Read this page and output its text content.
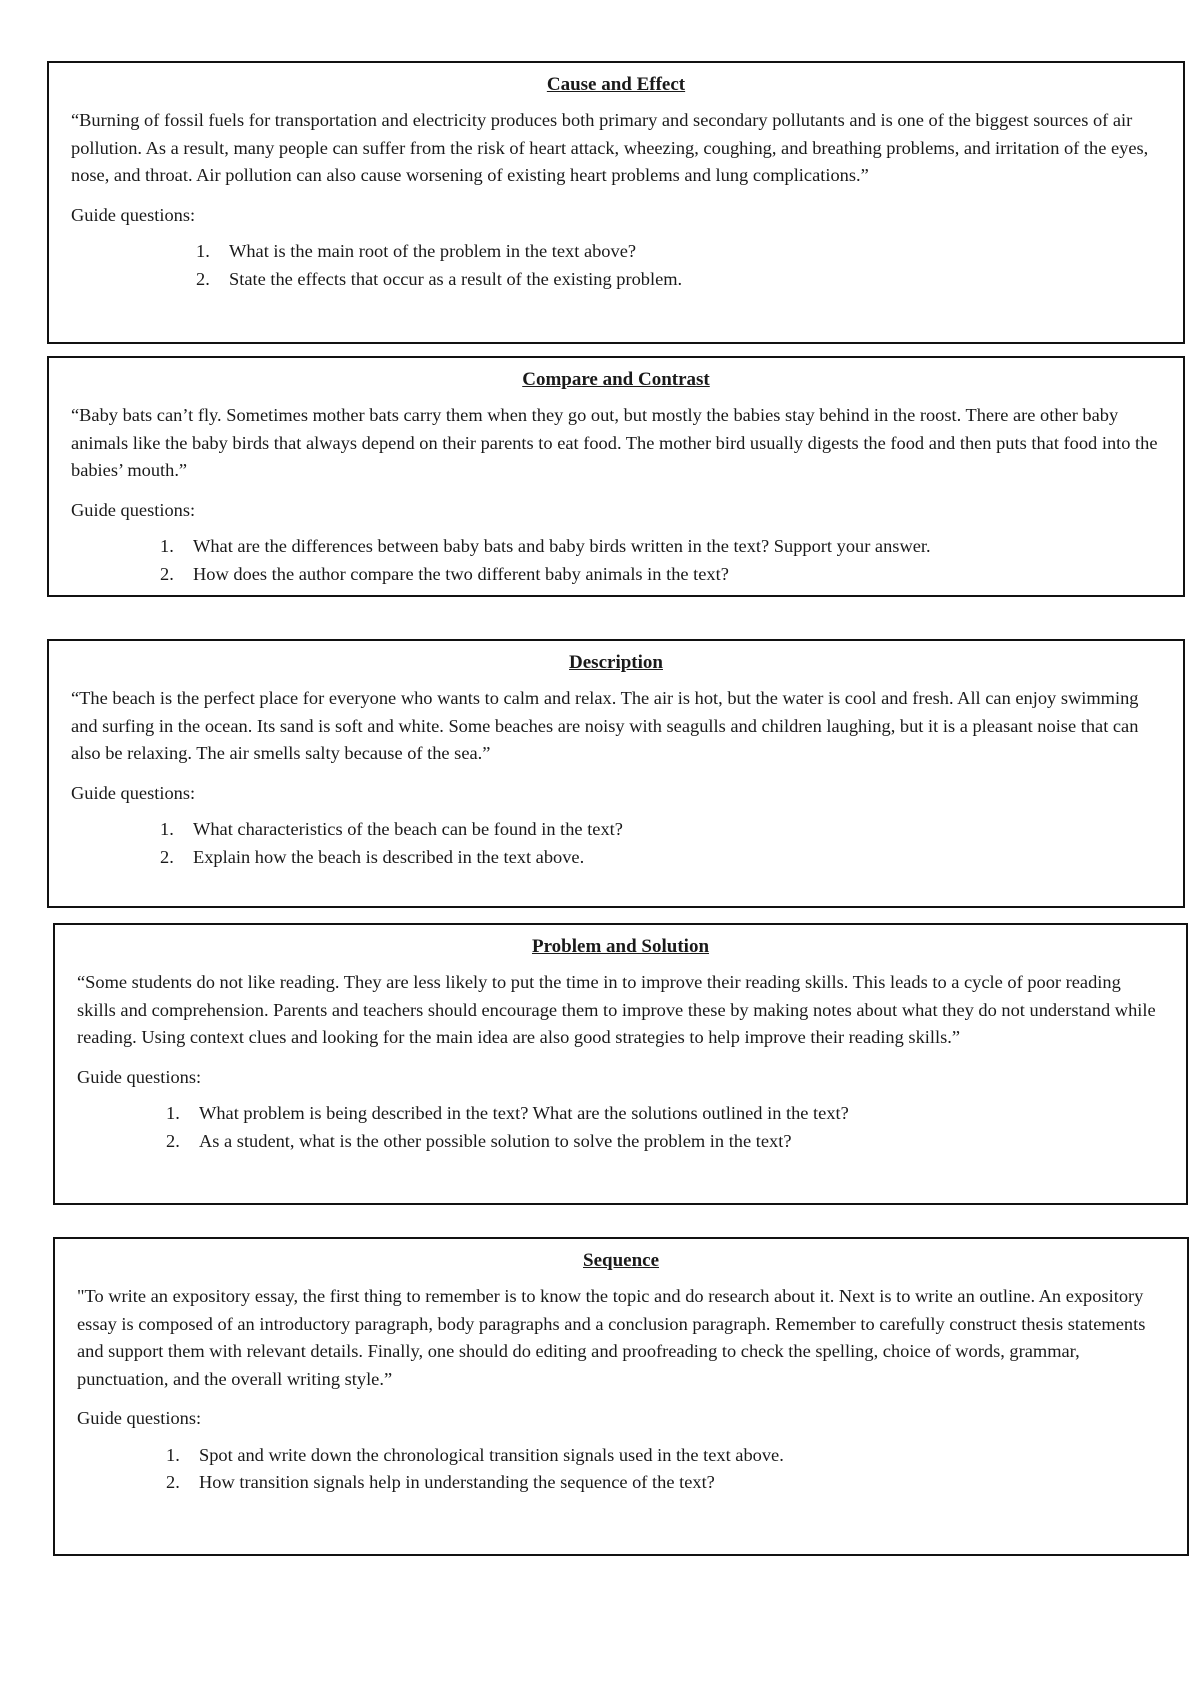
Cause and Effect

“Burning of fossil fuels for transportation and electricity produces both primary and secondary pollutants and is one of the biggest sources of air pollution. As a result, many people can suffer from the risk of heart attack, wheezing, coughing, and breathing problems, and irritation of the eyes, nose, and throat. Air pollution can also cause worsening of existing heart problems and lung complications.”

Guide questions:

1. What is the main root of the problem in the text above?
2. State the effects that occur as a result of the existing problem.
Compare and Contrast

“Baby bats can’t fly. Sometimes mother bats carry them when they go out, but mostly the babies stay behind in the roost. There are other baby animals like the baby birds that always depend on their parents to eat food. The mother bird usually digests the food and then puts that food into the babies’ mouth.”

Guide questions:

1. What are the differences between baby bats and baby birds written in the text? Support your answer.
2. How does the author compare the two different baby animals in the text?
Description

“The beach is the perfect place for everyone who wants to calm and relax. The air is hot, but the water is cool and fresh. All can enjoy swimming and surfing in the ocean. Its sand is soft and white. Some beaches are noisy with seagulls and children laughing, but it is a pleasant noise that can also be relaxing. The air smells salty because of the sea.”

Guide questions:

1. What characteristics of the beach can be found in the text?
2. Explain how the beach is described in the text above.
Problem and Solution

“Some students do not like reading. They are less likely to put the time in to improve their reading skills. This leads to a cycle of poor reading skills and comprehension. Parents and teachers should encourage them to improve these by making notes about what they do not understand while reading. Using context clues and looking for the main idea are also good strategies to help improve their reading skills.”

Guide questions:

1. What problem is being described in the text? What are the solutions outlined in the text?
2. As a student, what is the other possible solution to solve the problem in the text?
Sequence

"To write an expository essay, the first thing to remember is to know the topic and do research about it. Next is to write an outline. An expository essay is composed of an introductory paragraph, body paragraphs and a conclusion paragraph. Remember to carefully construct thesis statements and support them with relevant details. Finally, one should do editing and proofreading to check the spelling, choice of words, grammar, punctuation, and the overall writing style.”

Guide questions:

1. Spot and write down the chronological transition signals used in the text above.
2. How transition signals help in understanding the sequence of the text?
